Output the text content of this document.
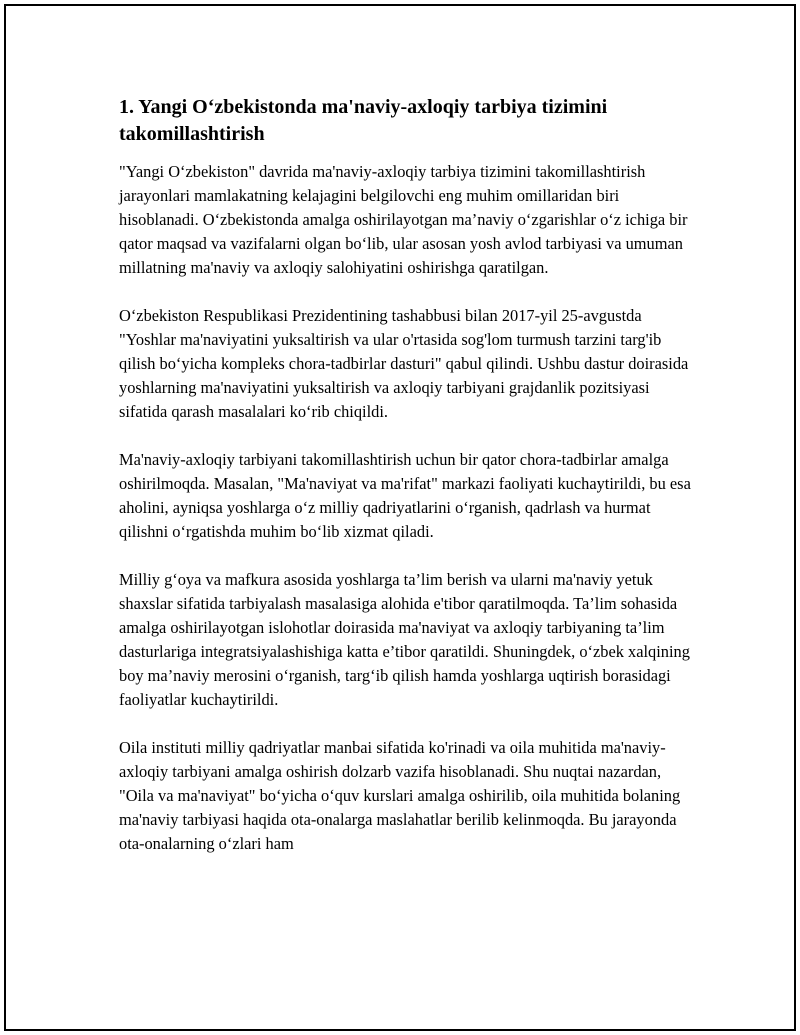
1. Yangi O‘zbekistonda ma'naviy-axloqiy tarbiya tizimini takomillashtirish

"Yangi O‘zbekiston" davrida ma'naviy-axloqiy tarbiya tizimini takomillashtirish jarayonlari mamlakatning kelajagini belgilovchi eng muhim omillaridan biri hisoblanadi. O‘zbekistonda amalga oshirilayotgan ma’naviy o‘zgarishlar o‘z ichiga bir qator maqsad va vazifalarni olgan bo‘lib, ular asosan yosh avlod tarbiyasi va umuman millatning ma'naviy va axloqiy salohiyatini oshirishga qaratilgan.

O‘zbekiston Respublikasi Prezidentining tashabbusi bilan 2017-yil 25-avgustda "Yoshlar ma'naviyatini yuksaltirish va ular o'rtasida sog'lom turmush tarzini targ'ib qilish bo‘yicha kompleks chora-tadbirlar dasturi" qabul qilindi. Ushbu dastur doirasida yoshlarning ma'naviyatini yuksaltirish va axloqiy tarbiyani grajdanlik pozitsiyasi sifatida qarash masalalari ko‘rib chiqildi.

Ma'naviy-axloqiy tarbiyani takomillashtirish uchun bir qator chora-tadbirlar amalga oshirilmoqda. Masalan, "Ma'naviyat va ma'rifat" markazi faoliyati kuchaytirildi, bu esa aholini, ayniqsa yoshlarga o‘z milliy qadriyatlarini o‘rganish, qadrlash va hurmat qilishni o‘rgatishda muhim bo‘lib xizmat qiladi.

Milliy g‘oya va mafkura asosida yoshlarga ta’lim berish va ularni ma'naviy yetuk shaxslar sifatida tarbiyalash masalasiga alohida e'tibor qaratilmoqda. Ta’lim sohasida amalga oshirilayotgan islohotlar doirasida ma'naviyat va axloqiy tarbiyaning ta’lim dasturlariga integratsiyalashishiga katta e’tibor qaratildi. Shuningdek, o‘zbek xalqining boy ma’naviy merosini o‘rganish, targ‘ib qilish hamda yoshlarga uqtirish borasidagi faoliyatlar kuchaytirildi.

Oila instituti milliy qadriyatlar manbai sifatida ko'rinadi va oila muhitida ma'naviy-axloqiy tarbiyani amalga oshirish dolzarb vazifa hisoblanadi. Shu nuqtai nazardan, "Oila va ma'naviyat" bo‘yicha o‘quv kurslari amalga oshirilib, oila muhitida bolaning ma'naviy tarbiyasi haqida ota-onalarga maslahatlar berilib kelinmoqda. Bu jarayonda ota-onalarning o‘zlari ham
